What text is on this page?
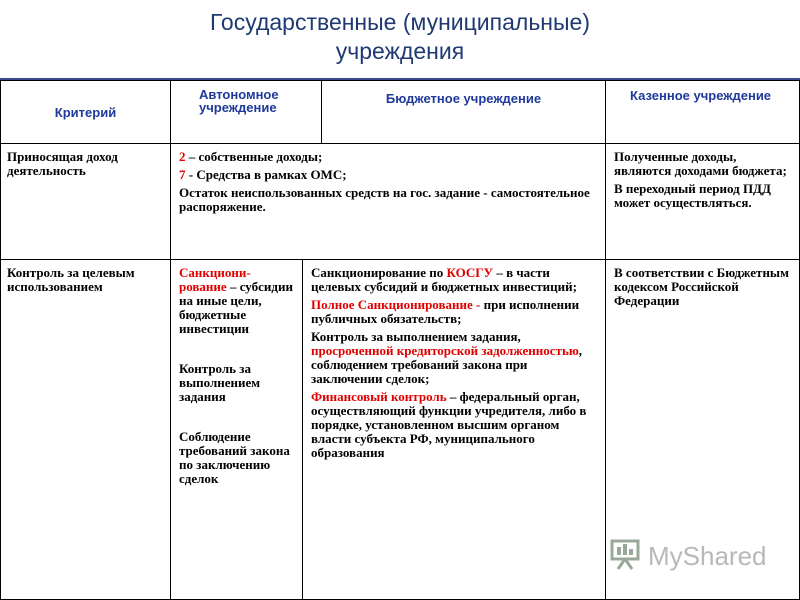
Государственные (муниципальные)
учреждения
Критерий
Автономное учреждение
Бюджетное учреждение	Казенное учреждение
Приносящая доход деятельность

2 – собственные доходы;

7 - Средства в рамках ОМС;

Остаток неиспользованных средств на гос. задание - самостоятельное распоряжение.

Полученные доходы, являются доходами бюджета;

В переходный период ПДД может осуществляться.

Контроль за целевым использованием

Санкциони-рование – субсидии на иные цели, бюджетные инвестиции

Контроль за выполнением задания

Соблюдение требований закона по заключению сделок

Санкционирование по КОСГУ – в части целевых субсидий и бюджетных инвестиций;

Полное Санкционирование - при исполнении публичных обязательств;

Контроль за выполнением задания, просроченной кредиторской задолженностью, соблюдением требований закона при заключении сделок;

Финансовый контроль – федеральный орган, осуществляющий функции учредителя, либо в порядке, установленном высшим органом власти субъекта РФ, муниципального образования

В соответствии с Бюджетным кодексом Российской Федерации

MyShared
